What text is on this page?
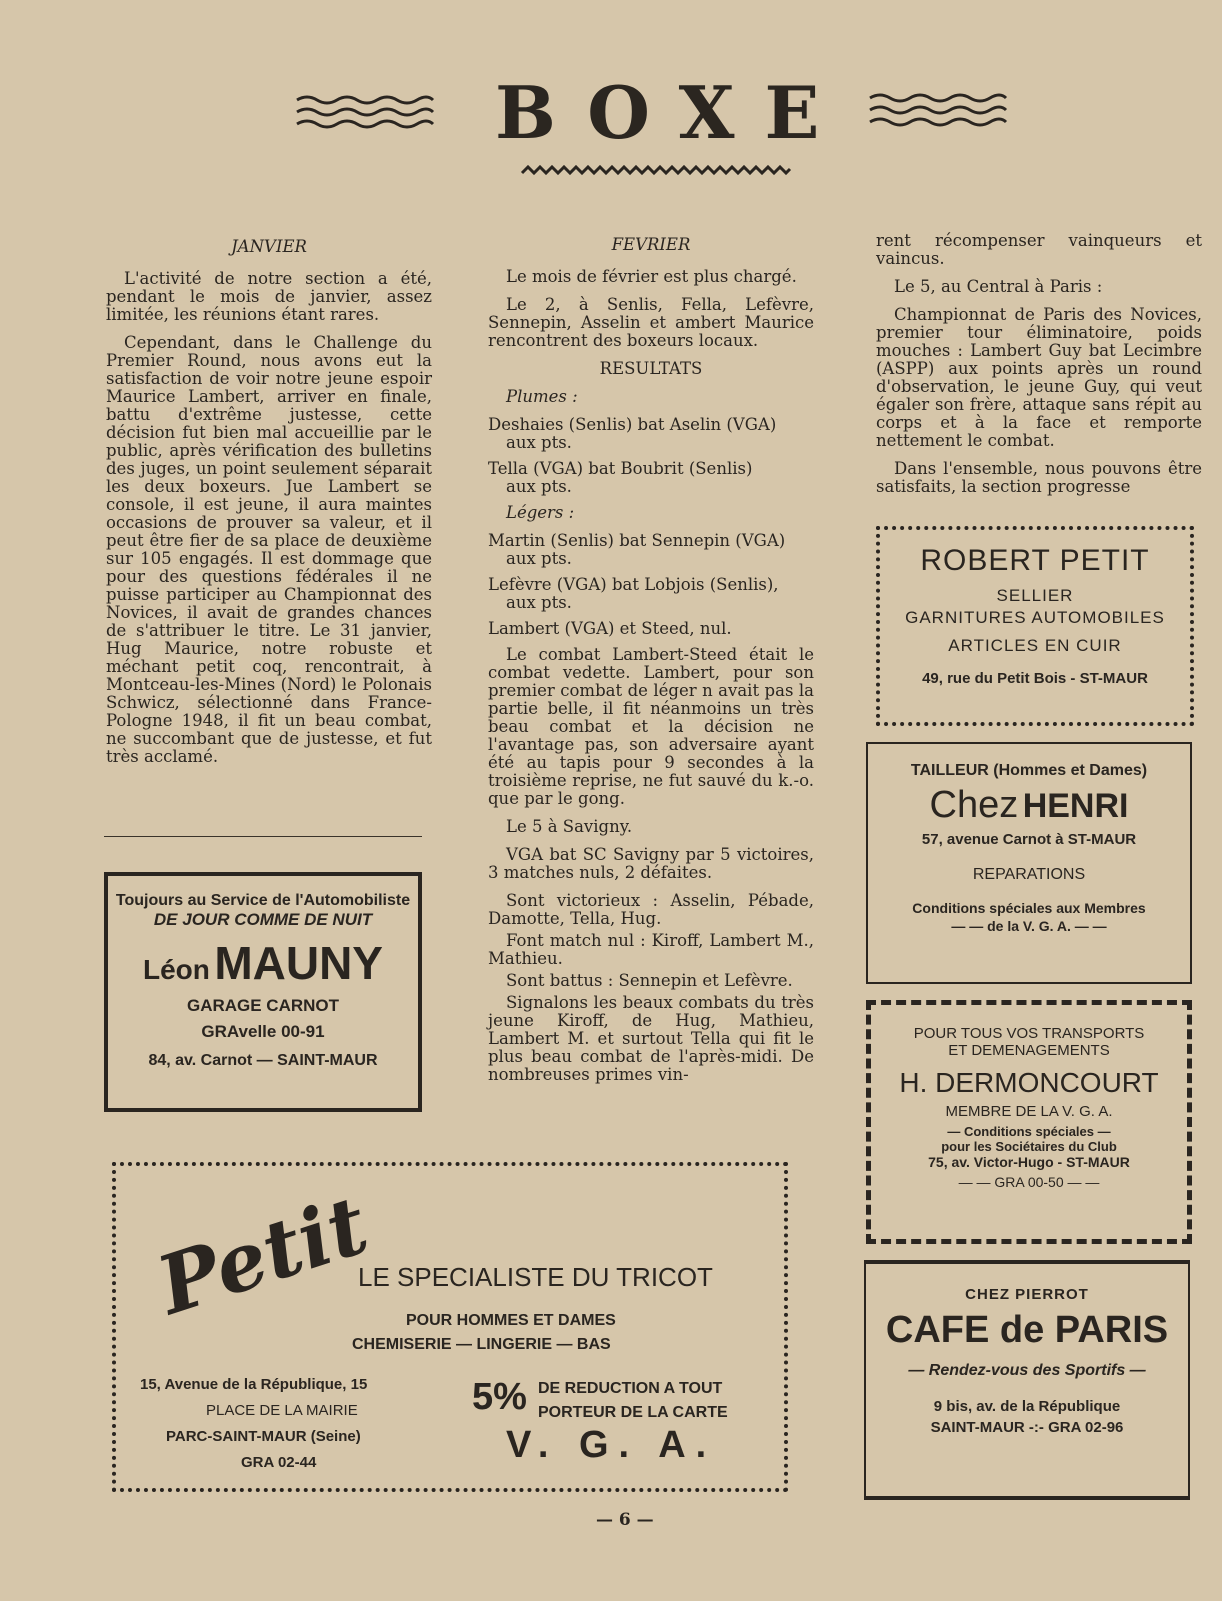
BOXE

JANVIER

L'activité de notre section a été, pendant le mois de janvier, assez limitée, les réunions étant rares.

Cependant, dans le Challenge du Premier Round, nous avons eut la satisfaction de voir notre jeune espoir Maurice Lambert, arriver en finale, battu d'extrême justesse, cette décision fut bien mal accueillie par le public, après vérification des bulletins des juges, un point seulement séparait les deux boxeurs. Jue Lambert se console, il est jeune, il aura maintes occasions de prouver sa valeur, et il peut être fier de sa place de deuxième sur 105 engagés. Il est dommage que pour des questions fédérales il ne puisse participer au Championnat des Novices, il avait de grandes chances de s'attribuer le titre. Le 31 janvier, Hug Maurice, notre robuste et méchant petit coq, rencontrait, à Montceau-les-Mines (Nord) le Polonais Schwicz, sélectionné dans France-Pologne 1948, il fit un beau combat, ne succombant que de justesse, et fut très acclamé.

FEVRIER

Le mois de février est plus chargé.

Le 2, à Senlis, Fella, Lefèvre, Sennepin, Asselin et ambert Maurice rencontrent des boxeurs locaux.

RESULTATS

Plumes :

Deshaies (Senlis) bat Aselin (VGA)
aux pts.

Tella (VGA) bat Boubrit (Senlis)
aux pts.

Légers :

Martin (Senlis) bat Sennepin (VGA)
aux pts.

Lefèvre (VGA) bat Lobjois (Senlis),
aux pts.

Lambert (VGA) et Steed, nul.

Le combat Lambert-Steed était le combat vedette. Lambert, pour son premier combat de léger n avait pas la partie belle, il fit néanmoins un très beau combat et la décision ne l'avantage pas, son adversaire ayant été au tapis pour 9 secondes à la troisième reprise, ne fut sauvé du k.-o. que par le gong.

Le 5 à Savigny.

VGA bat SC Savigny par 5 victoires, 3 matches nuls, 2 défaites.

Sont victorieux : Asselin, Pébade, Damotte, Tella, Hug.

Font match nul : Kiroff, Lambert M., Mathieu.

Sont battus : Sennepin et Lefèvre.

Signalons les beaux combats du très jeune Kiroff, de Hug, Mathieu, Lambert M. et surtout Tella qui fit le plus beau combat de l'après-midi. De nombreuses primes vin-

rent récompenser vainqueurs et vaincus.

Le 5, au Central à Paris :

Championnat de Paris des Novices, premier tour éliminatoire, poids mouches : Lambert Guy bat Lecimbre (ASPP) aux points après un round d'observation, le jeune Guy, qui veut égaler son frère, attaque sans répit au corps et à la face et remporte nettement le combat.

Dans l'ensemble, nous pouvons être satisfaits, la section progresse

Toujours au Service de l'Automobiliste
DE JOUR COMME DE NUIT
Léon MAUNY
GARAGE CARNOT
GRAvelle 00-91
84, av. Carnot — SAINT-MAUR
ROBERT PETIT
SELLIER
GARNITURES AUTOMOBILES
ARTICLES EN CUIR
49, rue du Petit Bois - ST-MAUR
TAILLEUR (Hommes et Dames)
Chez HENRI
57, avenue Carnot à ST-MAUR
REPARATIONS
Conditions spéciales aux Membres
— — de la V. G. A. — —
POUR TOUS VOS TRANSPORTS
ET DEMENAGEMENTS
H. DERMONCOURT
MEMBRE DE LA V. G. A.
— Conditions spéciales —
pour les Sociétaires du Club
75, av. Victor-Hugo - ST-MAUR
— — GRA 00-50 — —
CHEZ PIERROT
CAFE de PARIS
— Rendez-vous des Sportifs —
9 bis, av. de la République
SAINT-MAUR -:- GRA 02-96
Petit
LE SPECIALISTE DU TRICOT
POUR HOMMES ET DAMES
CHEMISERIE — LINGERIE — BAS
15, Avenue de la République, 15
PLACE DE LA MAIRIE
PARC-SAINT-MAUR (Seine)
GRA 02-44
5% DE REDUCTION A TOUT
PORTEUR DE LA CARTE
V. G. A.
— 6 —
